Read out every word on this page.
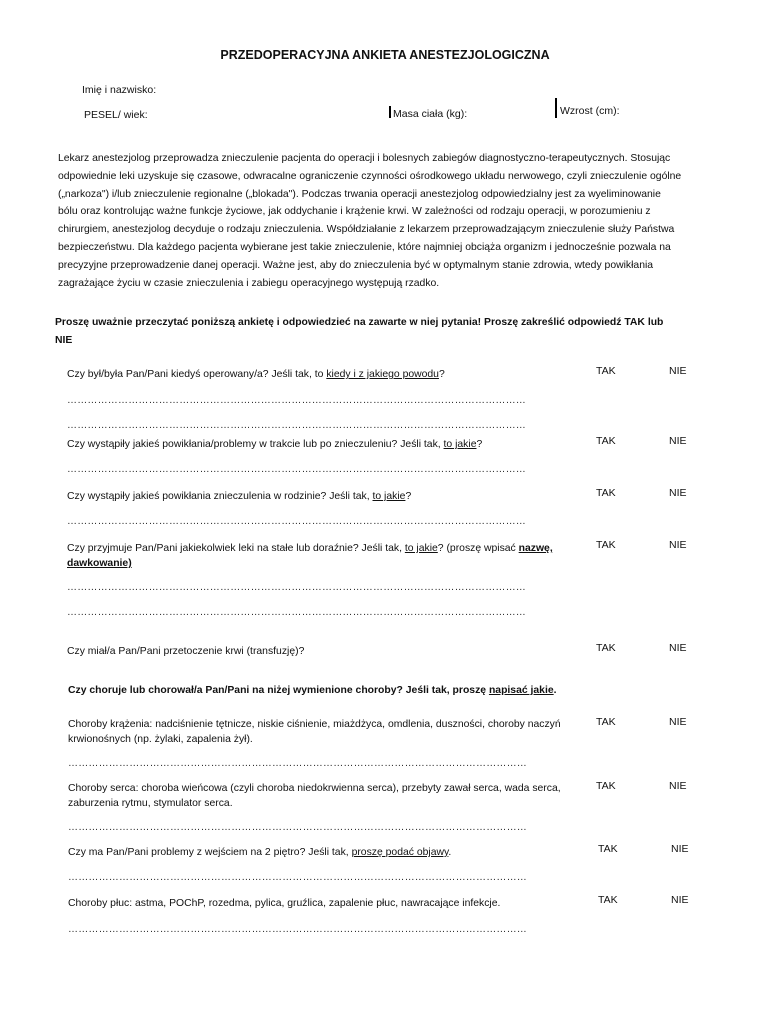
PRZEDOPERACYJNA ANKIETA ANESTEZJOLOGICZNA
Imię i nazwisko:
PESEL/ wiek:	Masa ciała (kg):	Wzrost (cm):
Lekarz anestezjolog przeprowadza znieczulenie pacjenta do operacji i bolesnych zabiegów diagnostyczno-terapeutycznych. Stosując
odpowiednie leki uzyskuje się czasowe, odwracalne ograniczenie czynności ośrodkowego układu nerwowego, czyli znieczulenie ogólne
(„narkoza") i/lub znieczulenie regionalne („blokada"). Podczas trwania operacji anestezjolog odpowiedzialny jest za wyeliminowanie
bólu oraz kontrolując ważne funkcje życiowe, jak oddychanie i krążenie krwi. W zależności od rodzaju operacji, w porozumieniu z
chirurgiem, anestezjolog decyduje o rodzaju znieczulenia. Współdziałanie z lekarzem przeprowadzającym znieczulenie służy Państwa
bezpieczeństwu. Dla każdego pacjenta wybierane jest takie znieczulenie, które najmniej obciąża organizm i jednocześnie pozwala na
precyzyjne przeprowadzenie danej operacji. Ważne jest, aby do znieczulenia być w optymalnym stanie zdrowia, wtedy powikłania
zagrażające życiu w czasie znieczulenia i zabiegu operacyjnego występują rzadko.
Proszę uważnie przeczytać poniższą ankietę i odpowiedzieć na zawarte w niej pytania! Proszę zakreślić odpowiedź TAK lub
NIE
Czy był/była Pan/Pani kiedyś operowany/a? Jeśli tak, to kiedy i z jakiego powodu?	TAK	NIE
………………………………………………………………………………………………………………………
………………………………………………………………………………………………………………………
Czy wystąpiły jakieś powikłania/problemy w trakcie lub po znieczuleniu? Jeśli tak, to jakie?	TAK	NIE
………………………………………………………………………………………………………………………
Czy wystąpiły jakieś powikłania znieczulenia w rodzinie? Jeśli tak, to jakie?	TAK	NIE
………………………………………………………………………………………………………………………
Czy przyjmuje Pan/Pani jakiekolwiek leki na stałe lub doraźnie? Jeśli tak, to jakie? (proszę wpisać nazwę,
dawkowanie)
TAK	NIE
………………………………………………………………………………………………………………………
………………………………………………………………………………………………………………………
Czy miał/a Pan/Pani przetoczenie krwi (transfuzję)?	TAK	NIE
Czy choruje lub chorował/a Pan/Pani na niżej wymienione choroby? Jeśli tak, proszę napisać jakie.
Choroby krążenia: nadciśnienie tętnicze, niskie ciśnienie, miażdżyca, omdlenia, duszności, choroby naczyń
krwionośnych (np. żylaki, zapalenia żył).
TAK	NIE
………………………………………………………………………………………………………………………
Choroby serca: choroba wieńcowa (czyli choroba niedokrwienna serca), przebyty zawał serca, wada serca,
zaburzenia rytmu, stymulator serca.
TAK	NIE
………………………………………………………………………………………………………………………
Czy ma Pan/Pani problemy z wejściem na 2 piętro? Jeśli tak, proszę podać objawy.	TAK	NIE
………………………………………………………………………………………………………………………
Choroby płuc: astma, POChP, rozedma, pylica, gruźlica, zapalenie płuc, nawracające infekcje.	TAK	NIE
………………………………………………………………………………………………………………………
